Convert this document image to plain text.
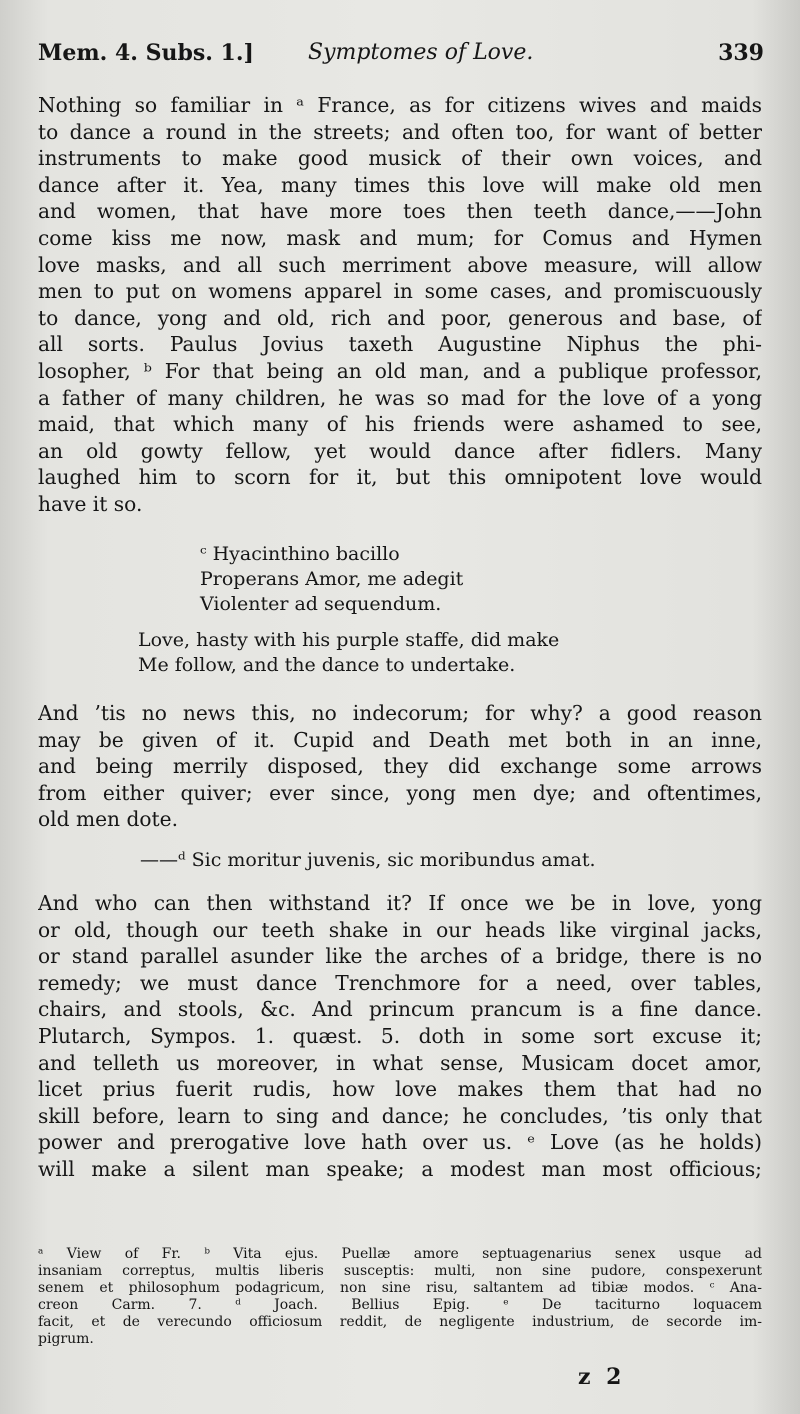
Mem. 4. Subs. 1.] Symptomes of Love.	339
Nothing so familiar in ᵃ France, as for citizens wives and maids
to dance a round in the streets; and often too, for want of better
instruments to make good musick of their own voices, and
dance after it. Yea, many times this love will make old men
and women, that have more toes then teeth dance,——John
come kiss me now, mask and mum; for Comus and Hymen
love masks, and all such merriment above measure, will allow
men to put on womens apparel in some cases, and promiscuously
to dance, yong and old, rich and poor, generous and base, of
all sorts. Paulus Jovius taxeth Augustine Niphus the phi-
losopher, ᵇ For that being an old man, and a publique professor,
a father of many children, he was so mad for the love of a yong
maid, that which many of his friends were ashamed to see,
an old gowty fellow, yet would dance after fidlers. Many
laughed him to scorn for it, but this omnipotent love would
have it so.
ᶜ Hyacinthino bacillo
Properans Amor, me adegit
Violenter ad sequendum.
Love, hasty with his purple staffe, did make
Me follow, and the dance to undertake.
And ’tis no news this, no indecorum; for why? a good reason
may be given of it. Cupid and Death met both in an inne,
and being merrily disposed, they did exchange some arrows
from either quiver; ever since, yong men dye; and oftentimes,
old men dote.
——ᵈ Sic moritur juvenis, sic moribundus amat.
And who can then withstand it? If once we be in love, yong
or old, though our teeth shake in our heads like virginal jacks,
or stand parallel asunder like the arches of a bridge, there is no
remedy; we must dance Trenchmore for a need, over tables,
chairs, and stools, &c. And princum prancum is a fine dance.
Plutarch, Sympos. 1. quæst. 5. doth in some sort excuse it;
and telleth us moreover, in what sense, Musicam docet amor,
licet prius fuerit rudis, how love makes them that had no
skill before, learn to sing and dance; he concludes, ’tis only that
power and prerogative love hath over us. ᵉ Love (as he holds)
will make a silent man speake; a modest man most officious;
ᵃ View of Fr. ᵇ Vita ejus. Puellæ amore septuagenarius senex usque ad
insaniam correptus, multis liberis susceptis: multi, non sine pudore, conspexerunt
senem et philosophum podagricum, non sine risu, saltantem ad tibiæ modos. ᶜ Ana-
creon Carm. 7. ᵈ Joach. Bellius Epig. ᵉ De taciturno loquacem
facit, et de verecundo officiosum reddit, de negligente industrium, de secorde im-
pigrum.
z 2
